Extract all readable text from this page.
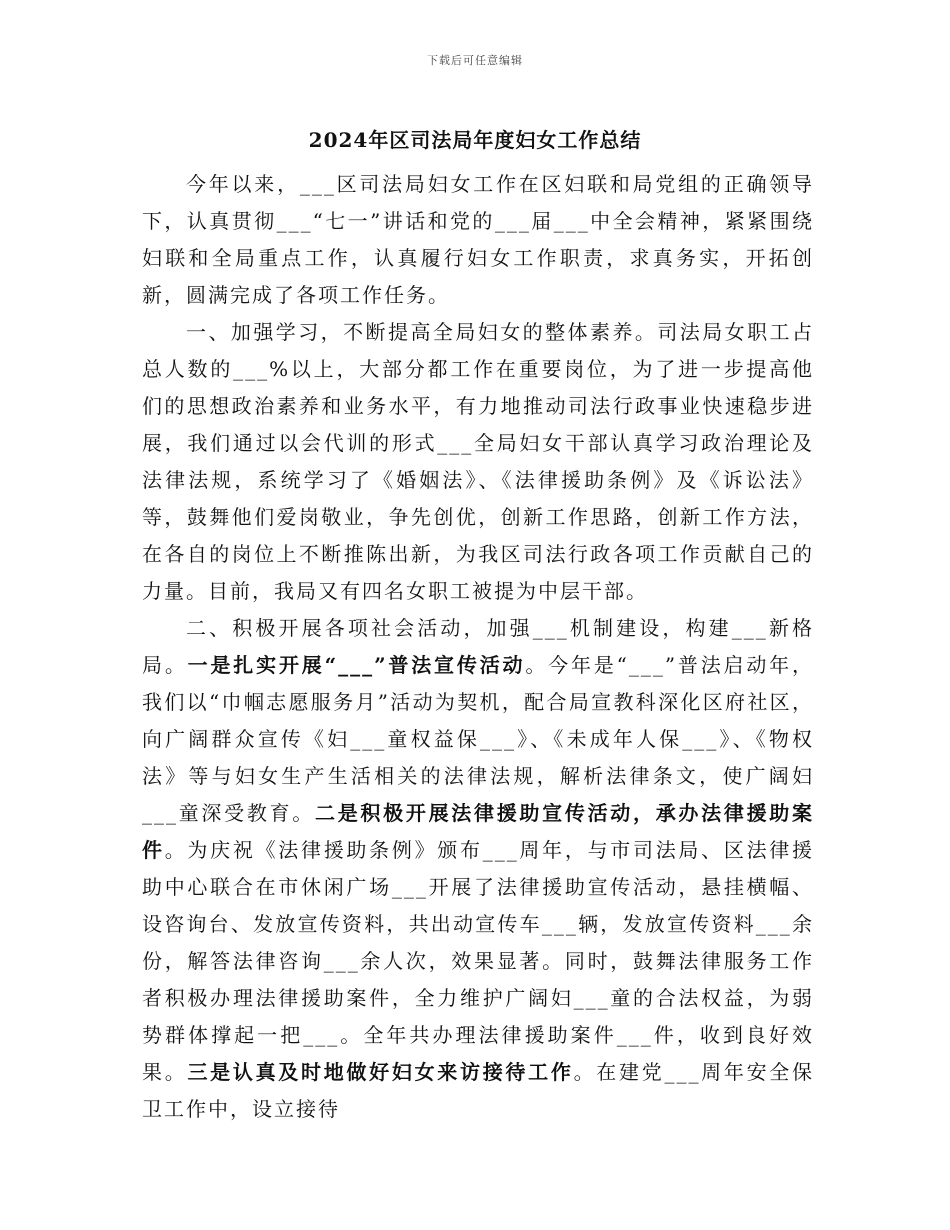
下载后可任意编辑
2024年区司法局年度妇女工作总结

今年以来，___区司法局妇女工作在区妇联和局党组的正确领导下，认真贯彻___“七一”讲话和党的___届___中全会精神，紧紧围绕妇联和全局重点工作，认真履行妇女工作职责，求真务实，开拓创新，圆满完成了各项工作任务。

一、加强学习，不断提高全局妇女的整体素养。司法局女职工占总人数的___%以上，大部分都工作在重要岗位，为了进一步提高他们的思想政治素养和业务水平，有力地推动司法行政事业快速稳步进展，我们通过以会代训的形式___全局妇女干部认真学习政治理论及法律法规，系统学习了《婚姻法》、《法律援助条例》及《诉讼法》等，鼓舞他们爱岗敬业，争先创优，创新工作思路，创新工作方法，在各自的岗位上不断推陈出新，为我区司法行政各项工作贡献自己的力量。目前，我局又有四名女职工被提为中层干部。

二、积极开展各项社会活动，加强___机制建设，构建___新格局。一是扎实开展“___”普法宣传活动。今年是“___”普法启动年，我们以“巾帼志愿服务月”活动为契机，配合局宣教科深化区府社区，向广阔群众宣传《妇___童权益保___》、《未成年人保___》、《物权法》等与妇女生产生活相关的法律法规，解析法律条文，使广阔妇___童深受教育。二是积极开展法律援助宣传活动，承办法律援助案件。为庆祝《法律援助条例》颁布___周年，与市司法局、区法律援助中心联合在市休闲广场___开展了法律援助宣传活动，悬挂横幅、设咨询台、发放宣传资料，共出动宣传车___辆，发放宣传资料___余份，解答法律咨询___余人次，效果显著。同时，鼓舞法律服务工作者积极办理法律援助案件，全力维护广阔妇___童的合法权益，为弱势群体撑起一把___。全年共办理法律援助案件___件，收到良好效果。三是认真及时地做好妇女来访接待工作。在建党___周年安全保卫工作中，设立接待
